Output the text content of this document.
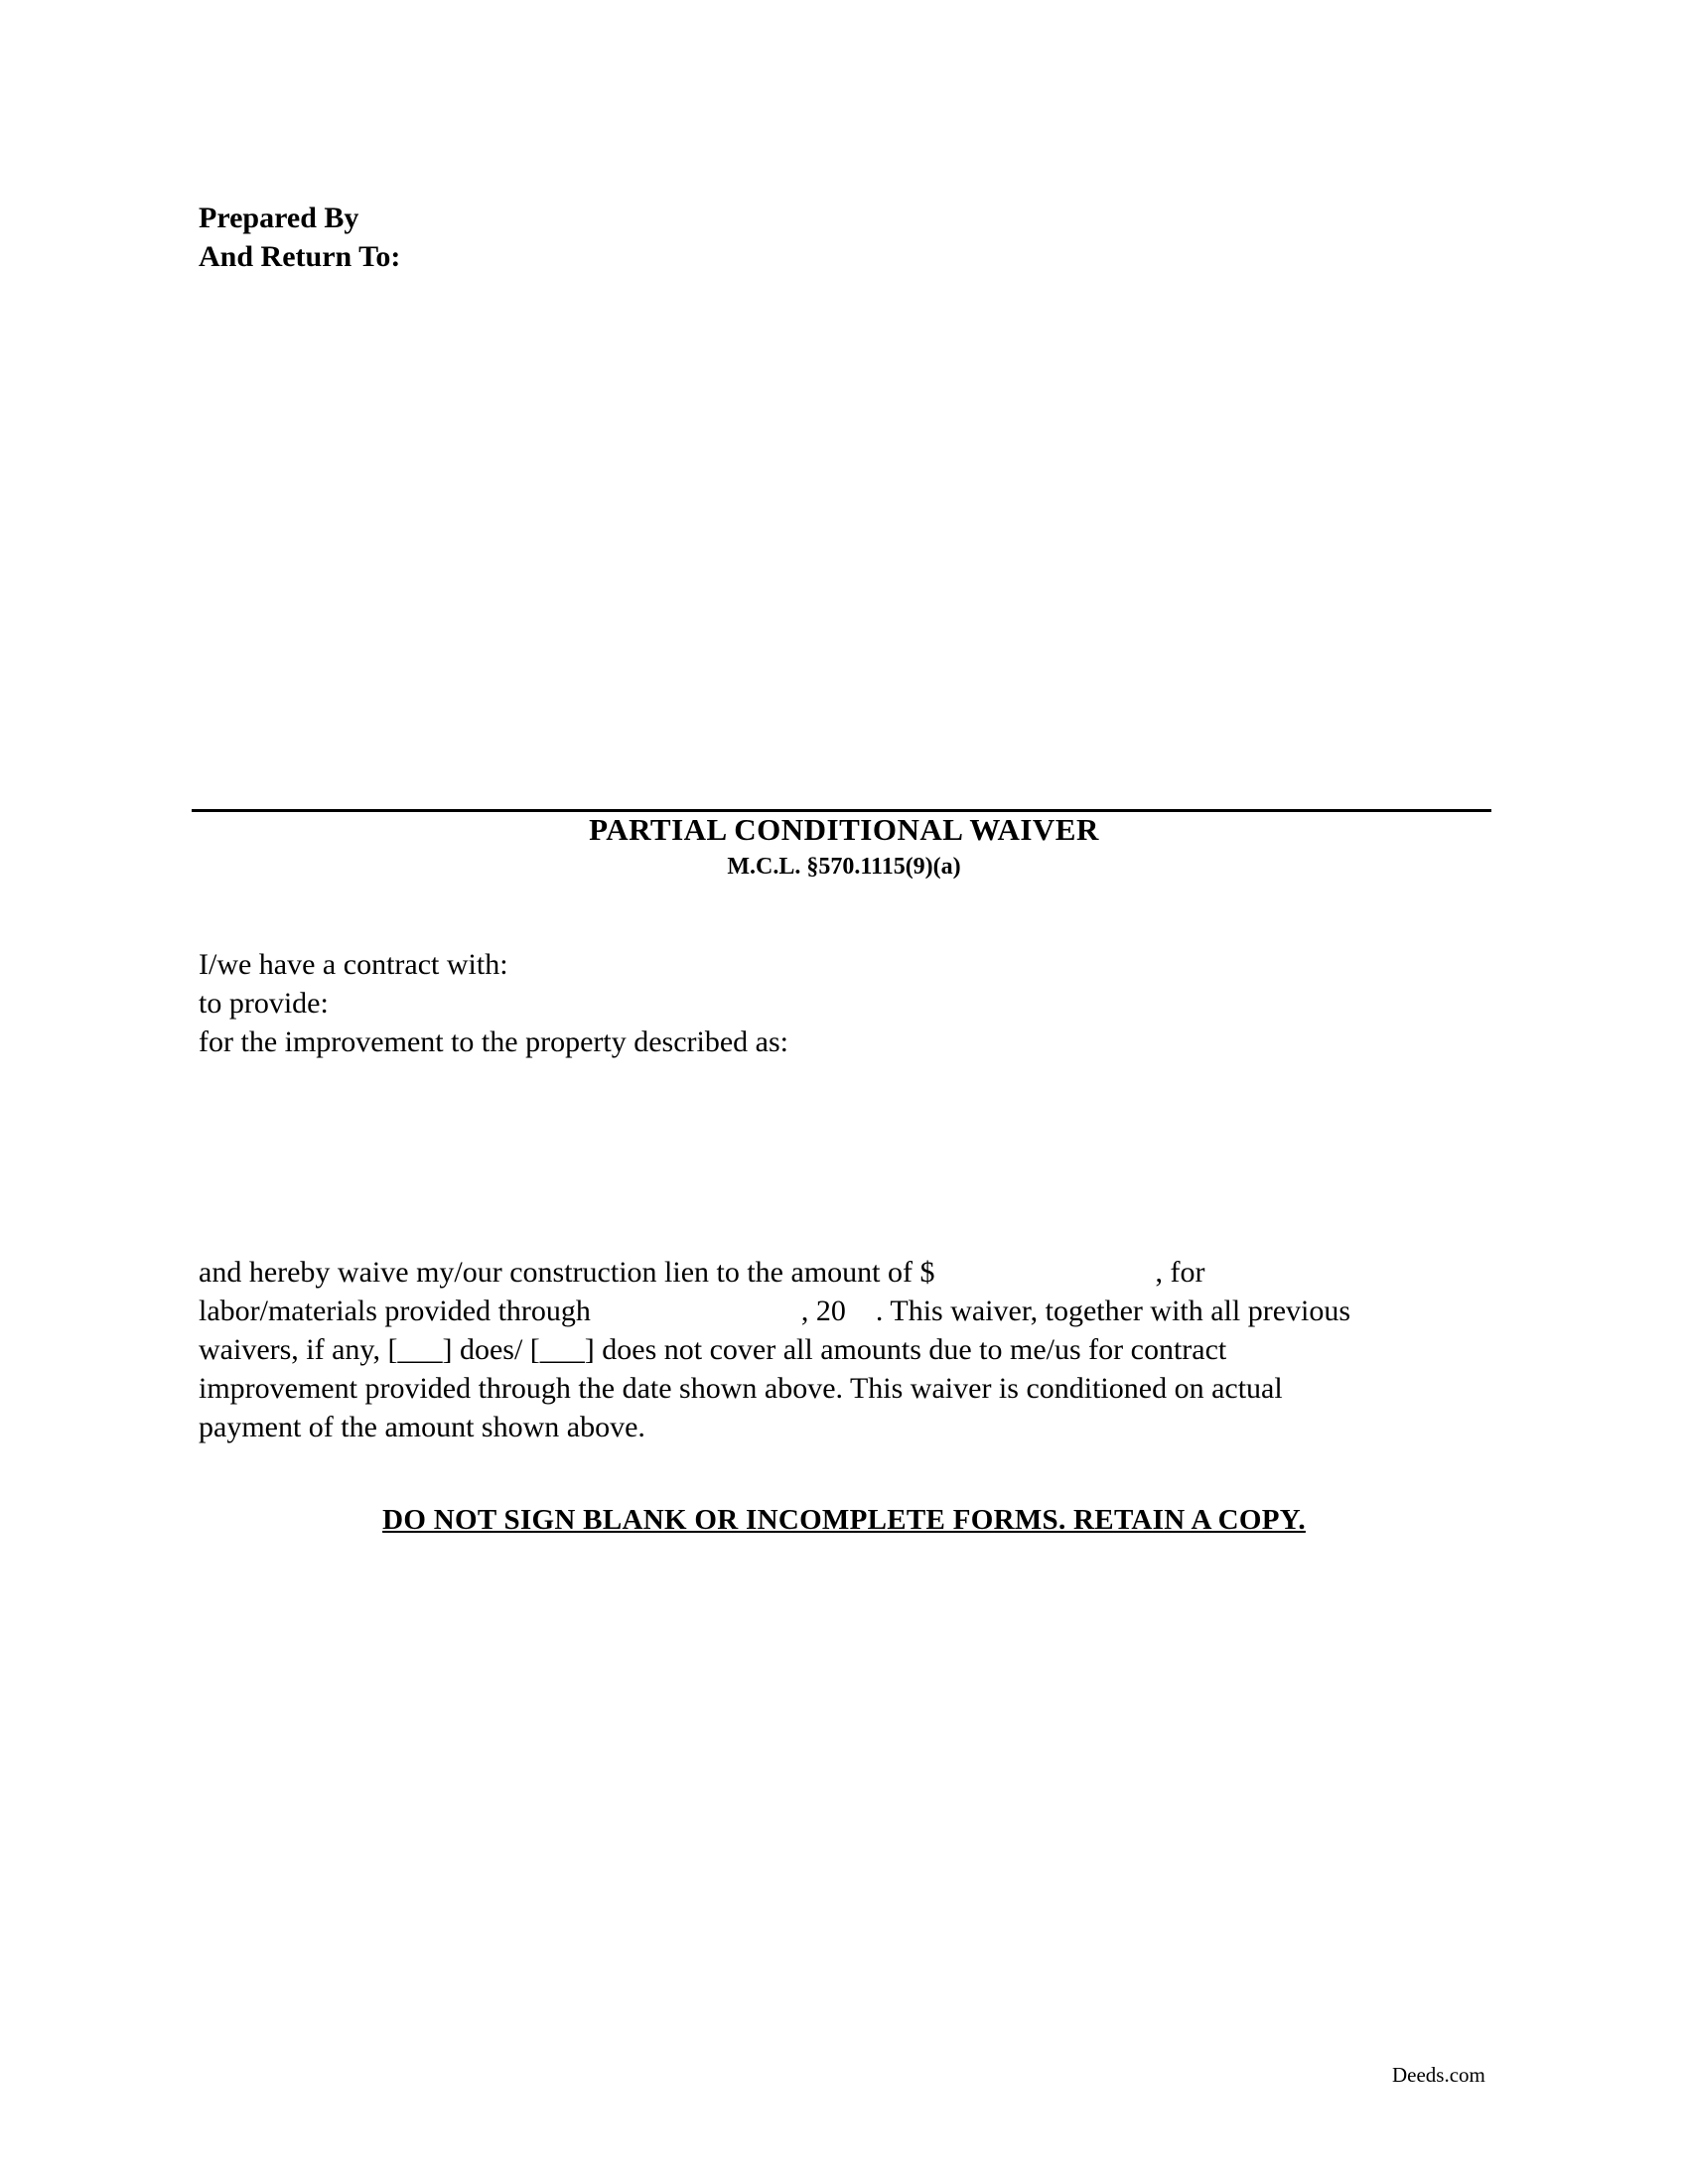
Prepared By
And Return To:
PARTIAL CONDITIONAL WAIVER
M.C.L. §570.1115(9)(a)
I/we have a contract with:
to provide:
for the improvement to the property described as:
and hereby waive my/our construction lien to the amount of $	, for
labor/materials provided through	, 20 . This waiver, together with all previous
waivers, if any, [___] does/ [___] does not cover all amounts due to me/us for contract
improvement provided through the date shown above. This waiver is conditioned on actual
payment of the amount shown above.
DO NOT SIGN BLANK OR INCOMPLETE FORMS. RETAIN A COPY.
Deeds.com
